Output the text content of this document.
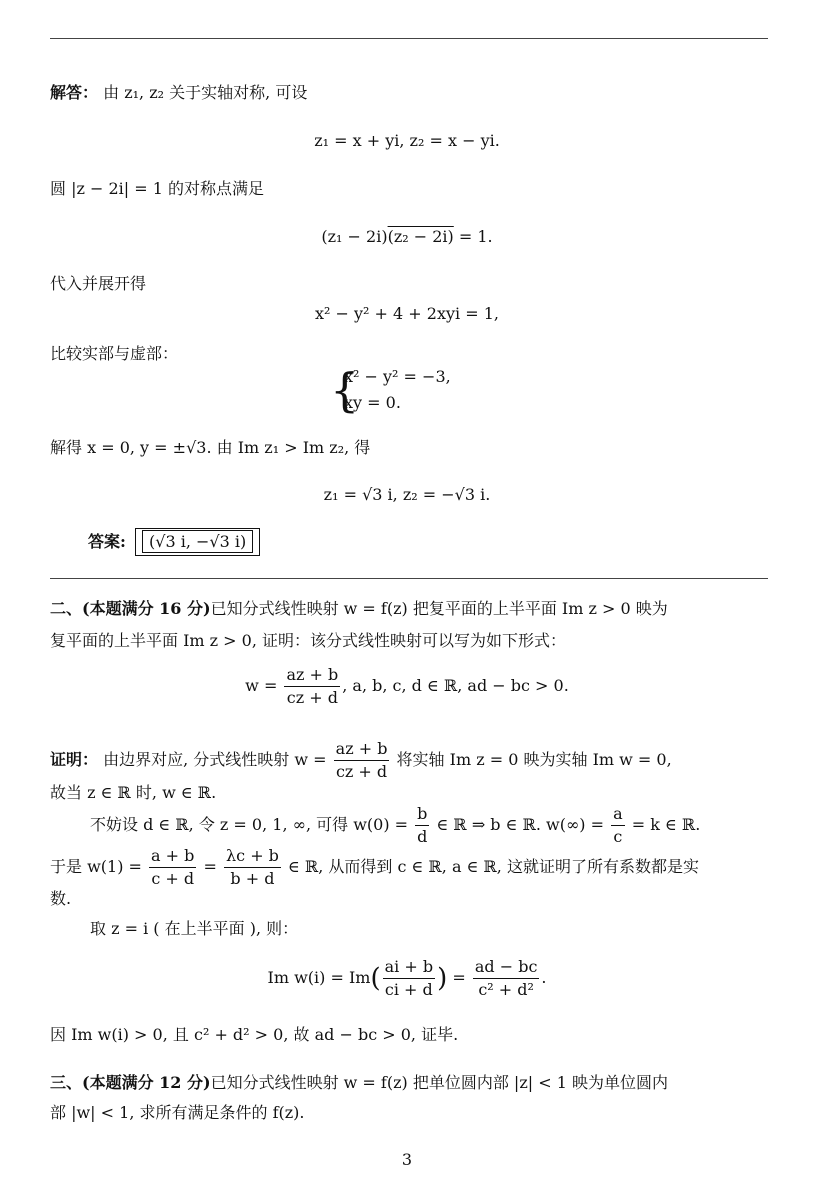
解答： 由 z₁, z₂ 关于实轴对称, 可设
z₁ = x + yi, z₂ = x − yi.
圆 |z − 2i| = 1 的对称点满足
(z₁ − 2i)(z₂ − 2i) = 1.
代入并展开得
x² − y² + 4 + 2xyi = 1,
比较实部与虚部：
{
x² − y² = −3,
xy = 0.
解得 x = 0, y = ±√3. 由 Im z₁ > Im z₂, 得
z₁ = √3 i, z₂ = −√3 i.
答案: (√3 i, −√3 i)
二、(本题满分 16 分)已知分式线性映射 w = f(z) 把复平面的上半平面 Im z > 0 映为
复平面的上半平面 Im z > 0, 证明：该分式线性映射可以写为如下形式：
$w = \frac{az + b}{cz + d}$ , a, b, c, d ∈ ℝ, ad − bc > 0.
证明： 由边界对应, 分式线性映射 $w = \frac{az + b}{cz + d}$ 将实轴 Im z = 0 映为实轴 Im w = 0,
故当 z ∈ ℝ 时, w ∈ ℝ.
不妨设 d ∈ ℝ, 令 z = 0, 1, ∞, 可得 $w(0) = \frac{b}{d}$ ∈ ℝ ⇒ b ∈ ℝ. $w(\infty) = \frac{a}{c} = k$ ∈ ℝ.
于是 $w(1) = \frac{a + b}{c + d} = \frac{\lambda c + b}{b + d}$ ∈ ℝ, 从而得到 c ∈ ℝ, a ∈ ℝ, 这就证明了所有系数都是实
数.
取 z = i ( 在上半平面 ), 则：
Im $w(i) = Im( \frac{ai + b}{ci + d}$ ) = $\frac{ad - bc}{\text{c² + d²}}$ .
因 Im w(i) > 0, 且 c² + d² > 0, 故 ad − bc > 0, 证毕.
三、(本题满分 12 分)已知分式线性映射 w = f(z) 把单位圆内部 |z| < 1 映为单位圆内
部 |w| < 1, 求所有满足条件的 f(z).
3
